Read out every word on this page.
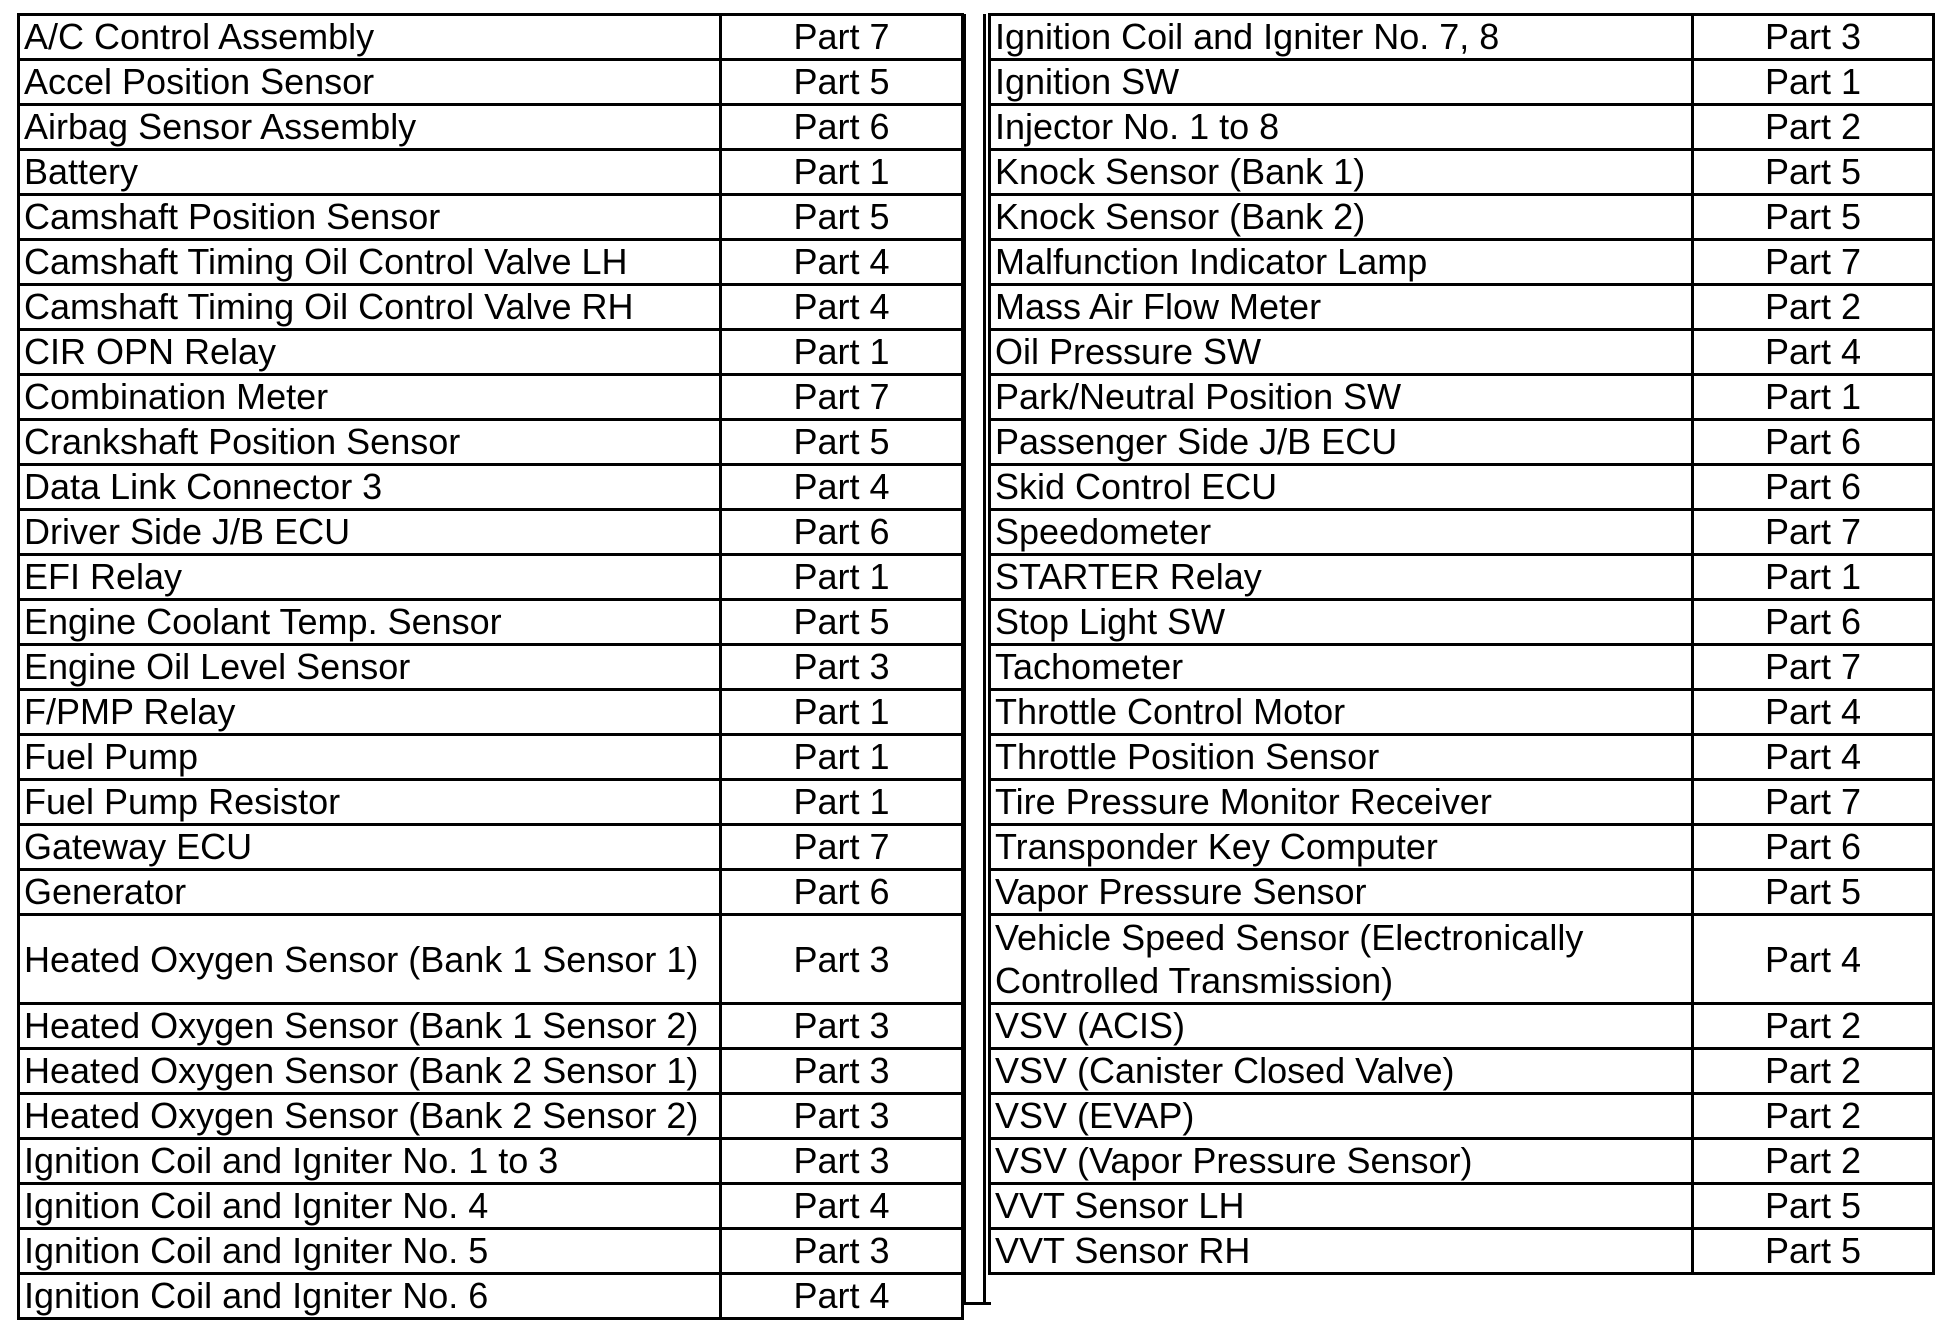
A/C Control Assembly	Part 7
Accel Position Sensor	Part 5
Airbag Sensor Assembly	Part 6
Battery	Part 1
Camshaft Position Sensor	Part 5
Camshaft Timing Oil Control Valve LH	Part 4
Camshaft Timing Oil Control Valve RH	Part 4
CIR OPN Relay	Part 1
Combination Meter	Part 7
Crankshaft Position Sensor	Part 5
Data Link Connector 3	Part 4
Driver Side J/B ECU	Part 6
EFI Relay	Part 1
Engine Coolant Temp. Sensor	Part 5
Engine Oil Level Sensor	Part 3
F/PMP Relay	Part 1
Fuel Pump	Part 1
Fuel Pump Resistor	Part 1
Gateway ECU	Part 7
Generator	Part 6
Heated Oxygen Sensor (Bank 1 Sensor 1)	Part 3
Heated Oxygen Sensor (Bank 1 Sensor 2)	Part 3
Heated Oxygen Sensor (Bank 2 Sensor 1)	Part 3
Heated Oxygen Sensor (Bank 2 Sensor 2)	Part 3
Ignition Coil and Igniter No. 1 to 3	Part 3
Ignition Coil and Igniter No. 4	Part 4
Ignition Coil and Igniter No. 5	Part 3
Ignition Coil and Igniter No. 6	Part 4
Ignition Coil and Igniter No. 7, 8	Part 3
Ignition SW	Part 1
Injector No. 1 to 8	Part 2
Knock Sensor (Bank 1)	Part 5
Knock Sensor (Bank 2)	Part 5
Malfunction Indicator Lamp	Part 7
Mass Air Flow Meter	Part 2
Oil Pressure SW	Part 4
Park/Neutral Position SW	Part 1
Passenger Side J/B ECU	Part 6
Skid Control ECU	Part 6
Speedometer	Part 7
STARTER Relay	Part 1
Stop Light SW	Part 6
Tachometer	Part 7
Throttle Control Motor	Part 4
Throttle Position Sensor	Part 4
Tire Pressure Monitor Receiver	Part 7
Transponder Key Computer	Part 6
Vapor Pressure Sensor	Part 5
Vehicle Speed Sensor (Electronically Controlled Transmission)	Part 4
VSV (ACIS)	Part 2
VSV (Canister Closed Valve)	Part 2
VSV (EVAP)	Part 2
VSV (Vapor Pressure Sensor)	Part 2
VVT Sensor LH	Part 5
VVT Sensor RH	Part 5
